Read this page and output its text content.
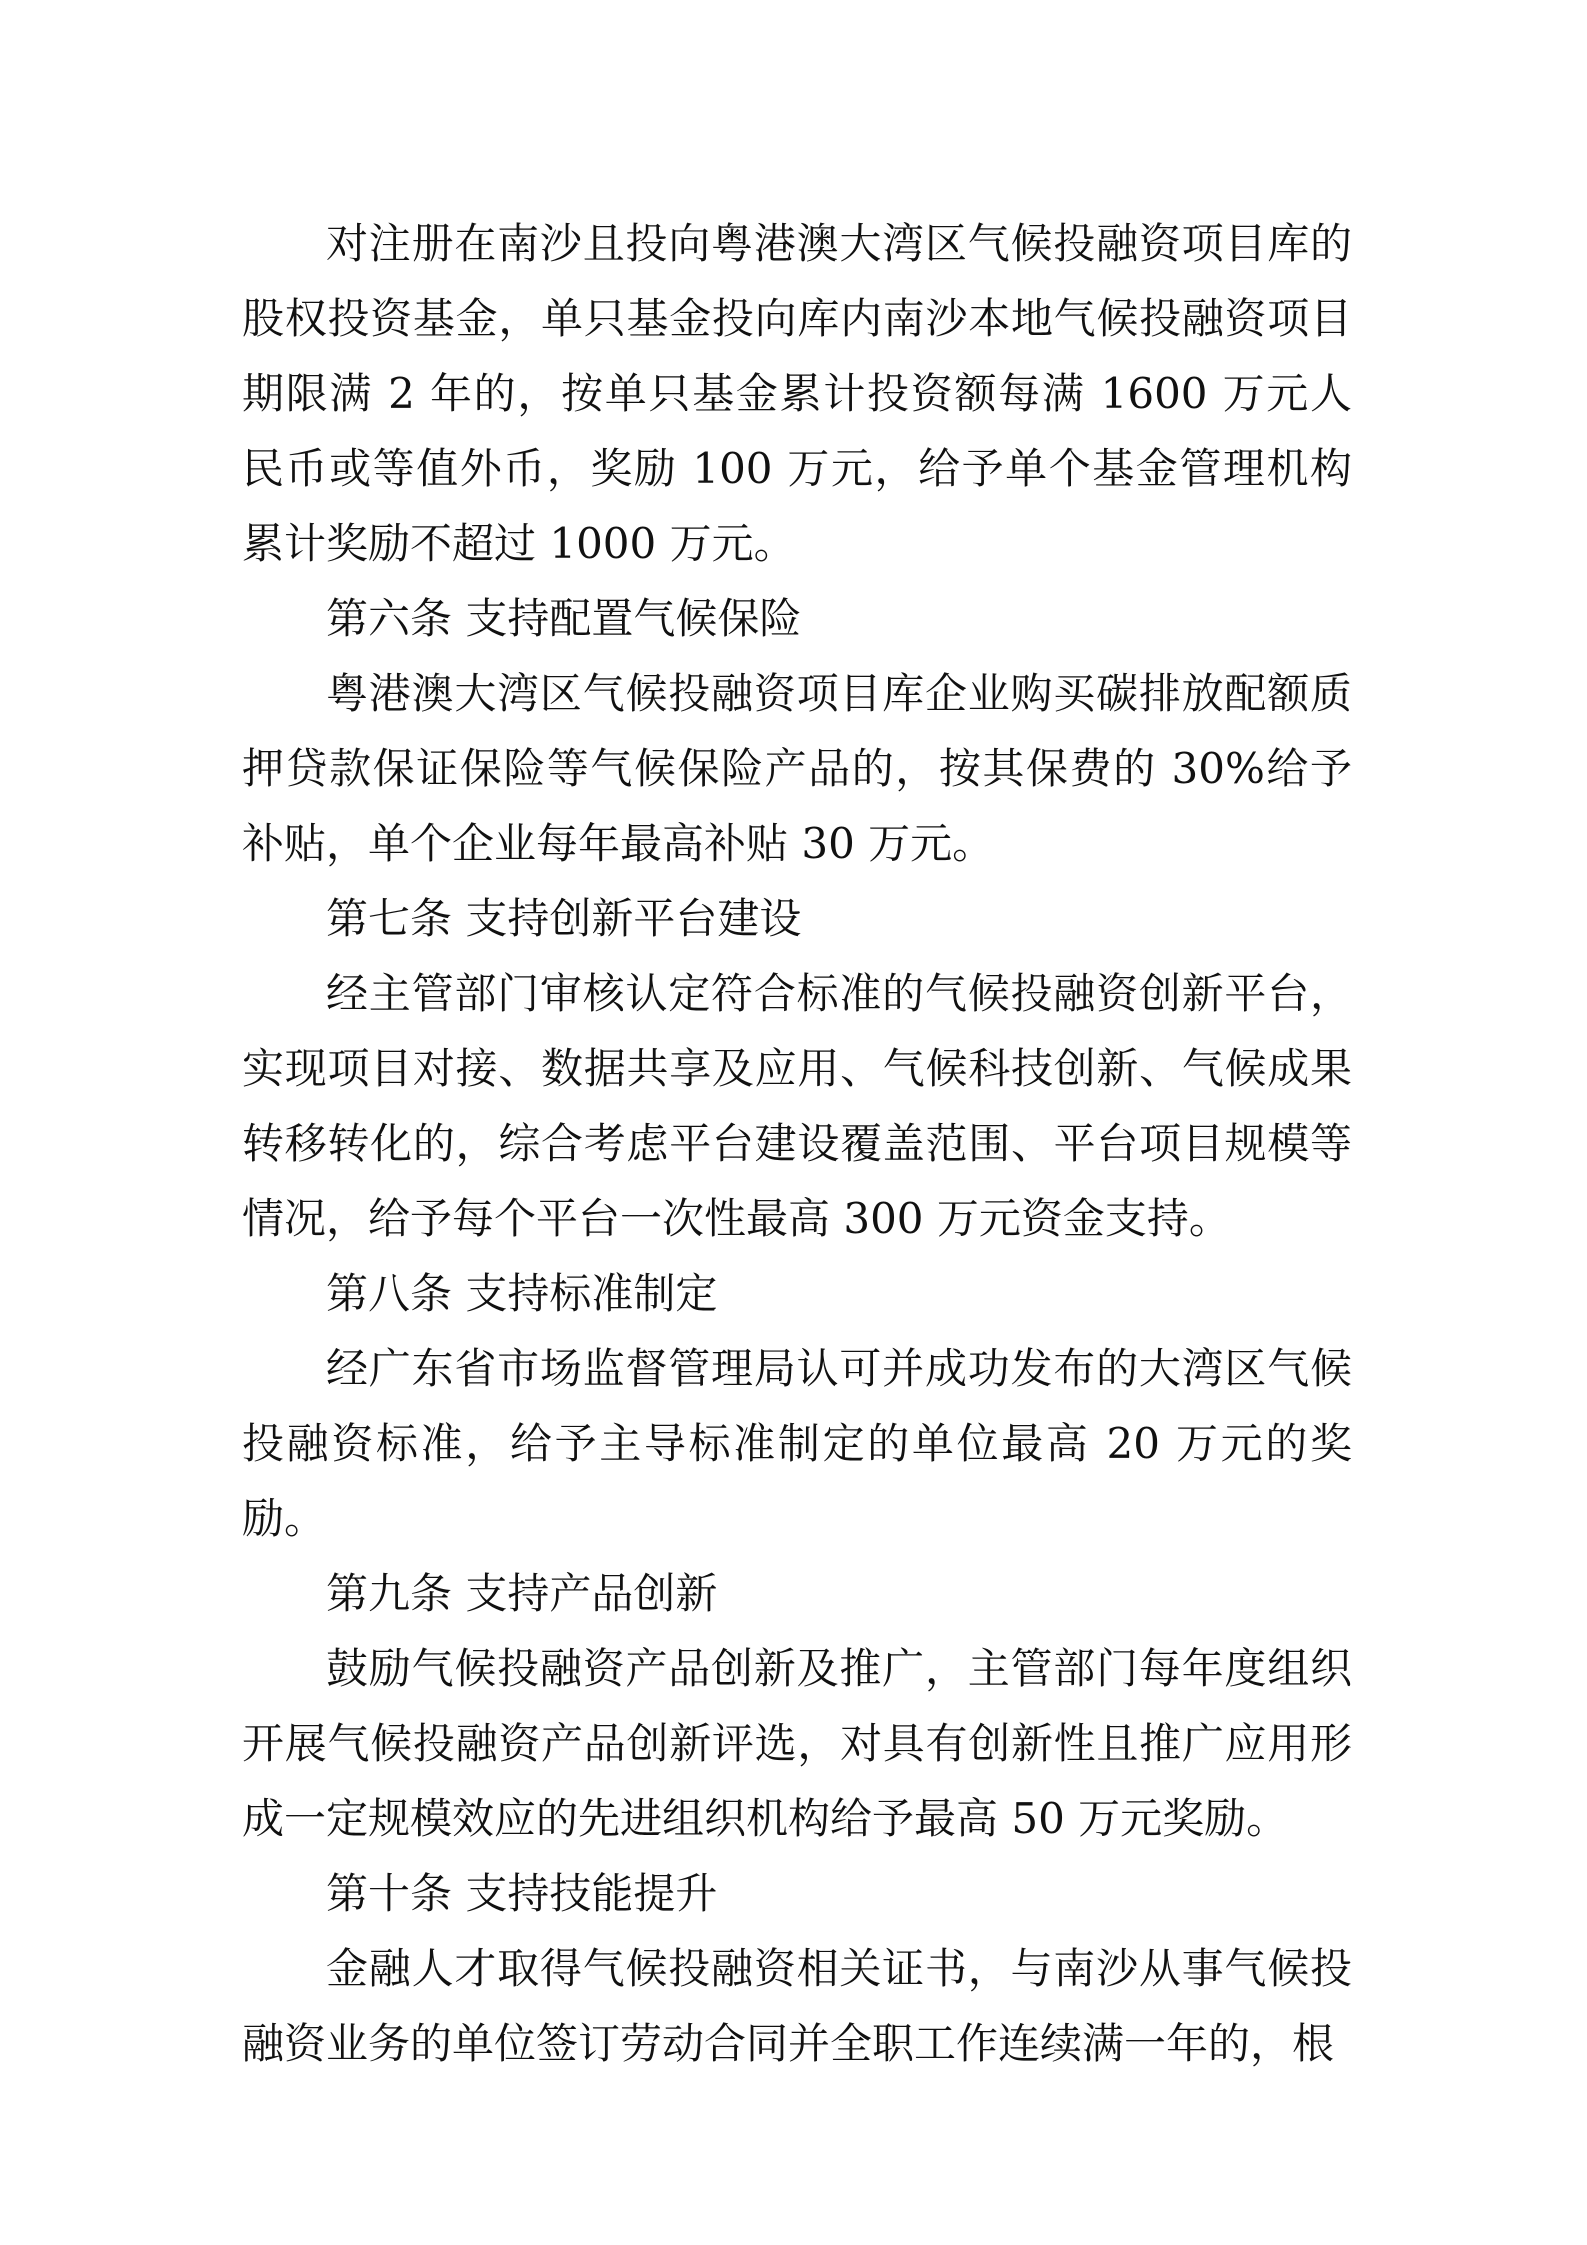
对注册在南沙且投向粤港澳大湾区气候投融资项目库的股权投资基金，单只基金投向库内南沙本地气候投融资项目期限满 2 年的，按单只基金累计投资额每满 1600 万元人民币或等值外币，奖励 100 万元，给予单个基金管理机构累计奖励不超过 1000 万元。

第六条 支持配置气候保险

粤港澳大湾区气候投融资项目库企业购买碳排放配额质押贷款保证保险等气候保险产品的，按其保费的 30%给予补贴，单个企业每年最高补贴 30 万元。

第七条 支持创新平台建设

经主管部门审核认定符合标准的气候投融资创新平台，实现项目对接、数据共享及应用、气候科技创新、气候成果转移转化的，综合考虑平台建设覆盖范围、平台项目规模等情况，给予每个平台一次性最高 300 万元资金支持。

第八条 支持标准制定

经广东省市场监督管理局认可并成功发布的大湾区气候投融资标准，给予主导标准制定的单位最高 20 万元的奖励。

第九条 支持产品创新

鼓励气候投融资产品创新及推广，主管部门每年度组织开展气候投融资产品创新评选，对具有创新性且推广应用形成一定规模效应的先进组织机构给予最高 50 万元奖励。

第十条 支持技能提升

金融人才取得气候投融资相关证书，与南沙从事气候投融资业务的单位签订劳动合同并全职工作连续满一年的，根
